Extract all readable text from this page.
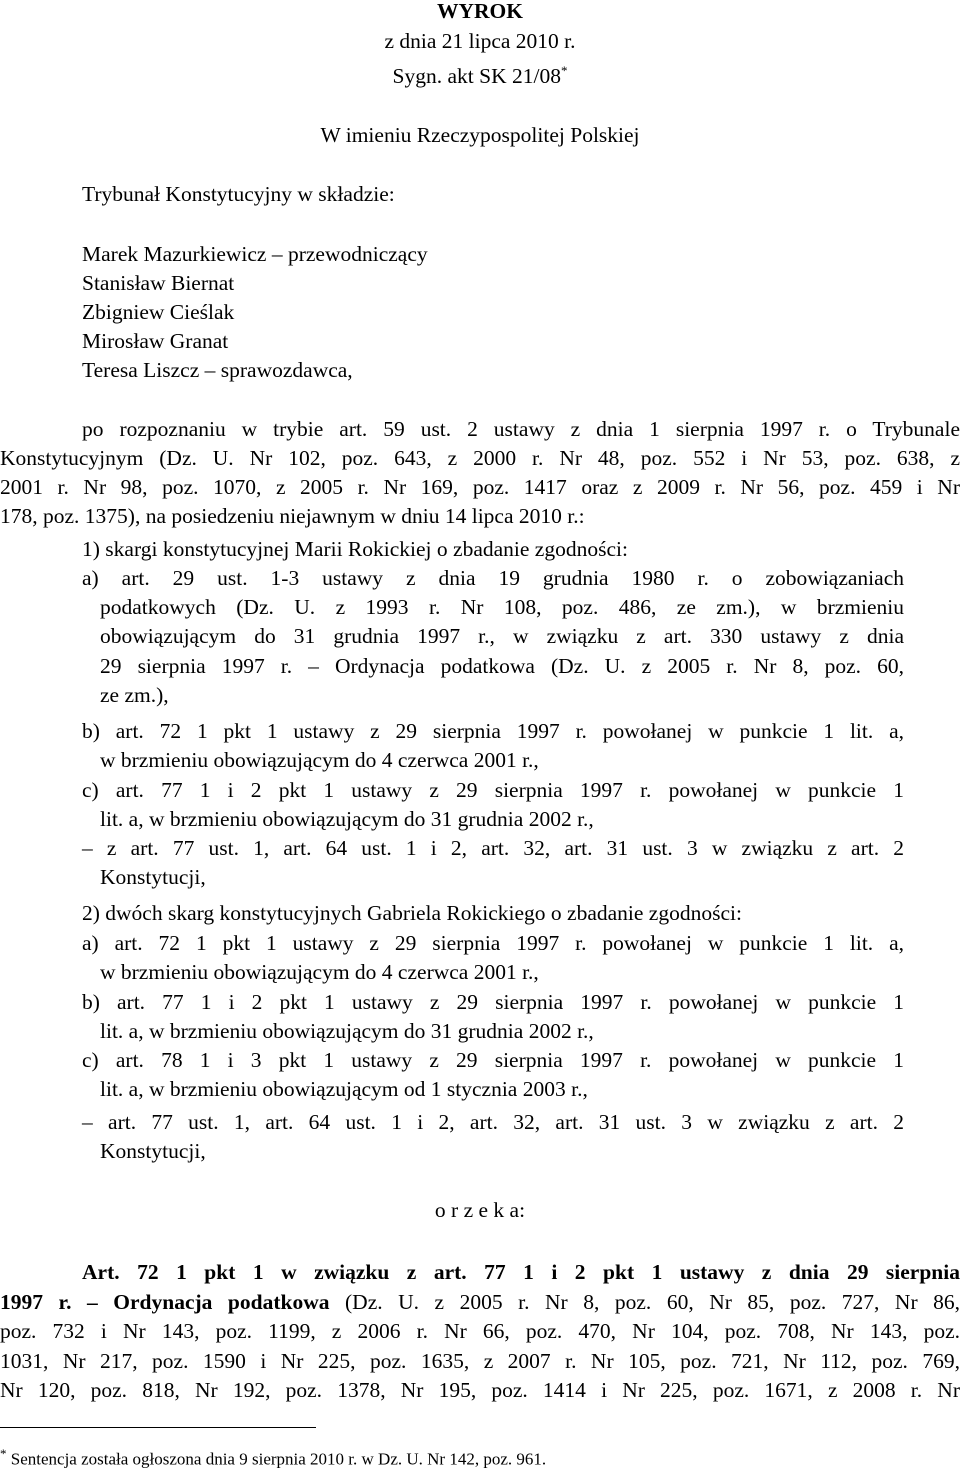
WYROK
z dnia 21 lipca 2010 r.
Sygn. akt SK 21/08*
W imieniu Rzeczypospolitej Polskiej
Trybunał Konstytucyjny w składzie:
Marek Mazurkiewicz – przewodniczący
Stanisław Biernat
Zbigniew Cieślak
Mirosław Granat
Teresa Liszcz – sprawozdawca,
po rozpoznaniu w trybie art. 59 ust. 2 ustawy z dnia 1 sierpnia 1997 r. o Trybunale
Konstytucyjnym (Dz. U. Nr 102, poz. 643, z 2000 r. Nr 48, poz. 552 i Nr 53, poz. 638, z
2001 r. Nr 98, poz. 1070, z 2005 r. Nr 169, poz. 1417 oraz z 2009 r. Nr 56, poz. 459 i Nr
178, poz. 1375), na posiedzeniu niejawnym w dniu 14 lipca 2010 r.:
1) skargi konstytucyjnej Marii Rokickiej o zbadanie zgodności:
a) art. 29 ust. 1-3 ustawy z dnia 19 grudnia 1980 r. o zobowiązaniach
podatkowych (Dz. U. z 1993 r. Nr 108, poz. 486, ze zm.), w brzmieniu
obowiązującym do 31 grudnia 1997 r., w związku z art. 330 ustawy z dnia
29 sierpnia 1997 r. – Ordynacja podatkowa (Dz. U. z 2005 r. Nr 8, poz. 60,
ze zm.),
b) art. 72 1 pkt 1 ustawy z 29 sierpnia 1997 r. powołanej w punkcie 1 lit. a,
w brzmieniu obowiązującym do 4 czerwca 2001 r.,
c) art. 77 1 i 2 pkt 1 ustawy z 29 sierpnia 1997 r. powołanej w punkcie 1
lit. a, w brzmieniu obowiązującym do 31 grudnia 2002 r.,
– z art. 77 ust. 1, art. 64 ust. 1 i 2, art. 32, art. 31 ust. 3 w związku z art. 2
Konstytucji,
2) dwóch skarg konstytucyjnych Gabriela Rokickiego o zbadanie zgodności:
a) art. 72 1 pkt 1 ustawy z 29 sierpnia 1997 r. powołanej w punkcie 1 lit. a,
w brzmieniu obowiązującym do 4 czerwca 2001 r.,
b) art. 77 1 i 2 pkt 1 ustawy z 29 sierpnia 1997 r. powołanej w punkcie 1
lit. a, w brzmieniu obowiązującym do 31 grudnia 2002 r.,
c) art. 78 1 i 3 pkt 1 ustawy z 29 sierpnia 1997 r. powołanej w punkcie 1
lit. a, w brzmieniu obowiązującym od 1 stycznia 2003 r.,
– art. 77 ust. 1, art. 64 ust. 1 i 2, art. 32, art. 31 ust. 3 w związku z art. 2
Konstytucji,
o r z e k a:
Art. 72 1 pkt 1 w związku z art. 77 1 i 2 pkt 1 ustawy z dnia 29 sierpnia
1997 r. – Ordynacja podatkowa (Dz. U. z 2005 r. Nr 8, poz. 60, Nr 85, poz. 727, Nr 86,
poz. 732 i Nr 143, poz. 1199, z 2006 r. Nr 66, poz. 470, Nr 104, poz. 708, Nr 143, poz.
1031, Nr 217, poz. 1590 i Nr 225, poz. 1635, z 2007 r. Nr 105, poz. 721, Nr 112, poz. 769,
Nr 120, poz. 818, Nr 192, poz. 1378, Nr 195, poz. 1414 i Nr 225, poz. 1671, z 2008 r. Nr
* Sentencja została ogłoszona dnia 9 sierpnia 2010 r. w Dz. U. Nr 142, poz. 961.
